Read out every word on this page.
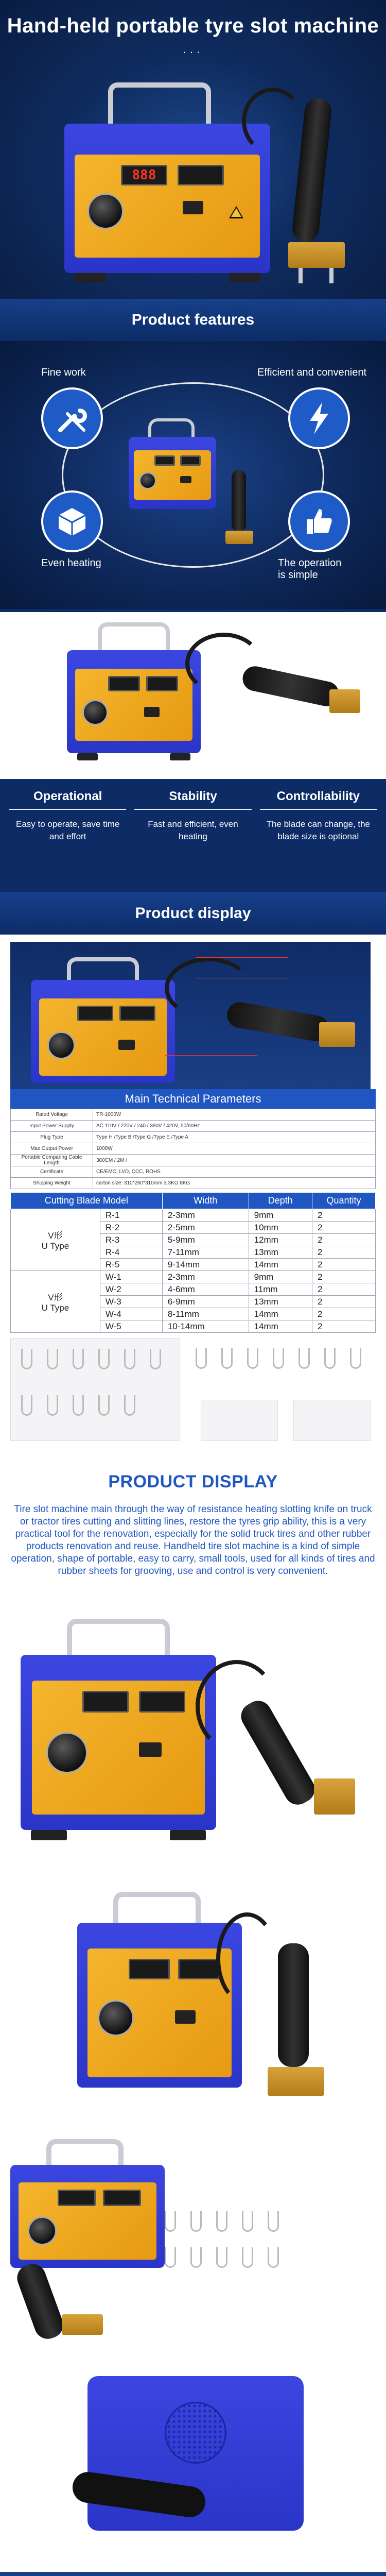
Hand-held portable tyre slot machine
···
888
Product features
Fine work	Efficient and convenient
Even heating	The operation
is simple
Operational

Easy to operate, save time and effort

Stability

Fast and efficient, even heating

Controllability

The blade can change, the blade size is optional

Product display
Main Technical Parameters
Rated Voltage	TR-1000W
Input Power Supply	AC 110V / 220V / 240 / 380V / 420V, 50/60Hz
Plug Type	Type H /Type B /Type G /Type E /Type A
Max Output Power	1000W
Portable Comparing Cable Length	380CM / 2M /
Certificate	CE/EMC, LVD, CCC, ROHS
Shipping Weight	carton size: 310*260*310mm 3.3KG 8KG
Cutting Blade Model		Width	Depth	Quantity
V形
U Type	R-1	2-3mm	9mm	2
	R-2	2-5mm	10mm	2
	R-3	5-9mm	12mm	2
	R-4	7-11mm	13mm	2
	R-5	9-14mm	14mm	2
V形
U Type	W-1	2-3mm	9mm	2
	W-2	4-6mm	11mm	2
	W-3	6-9mm	13mm	2
	W-4	8-11mm	14mm	2
	W-5	10-14mm	14mm	2
PRODUCT DISPLAY

Tire slot machine main through the way of resistance heating slotting knife on truck or tractor tires cutting and slitting lines, restore the tyres grip ability, this is a very practical tool for the renovation, especially for the solid truck tires and other rubber products renovation and reuse. Handheld tire slot machine is a kind of simple operation, shape of portable, easy to carry, small tools, used for all kinds of tires and rubber sheets for grooving, use and control is very convenient.
